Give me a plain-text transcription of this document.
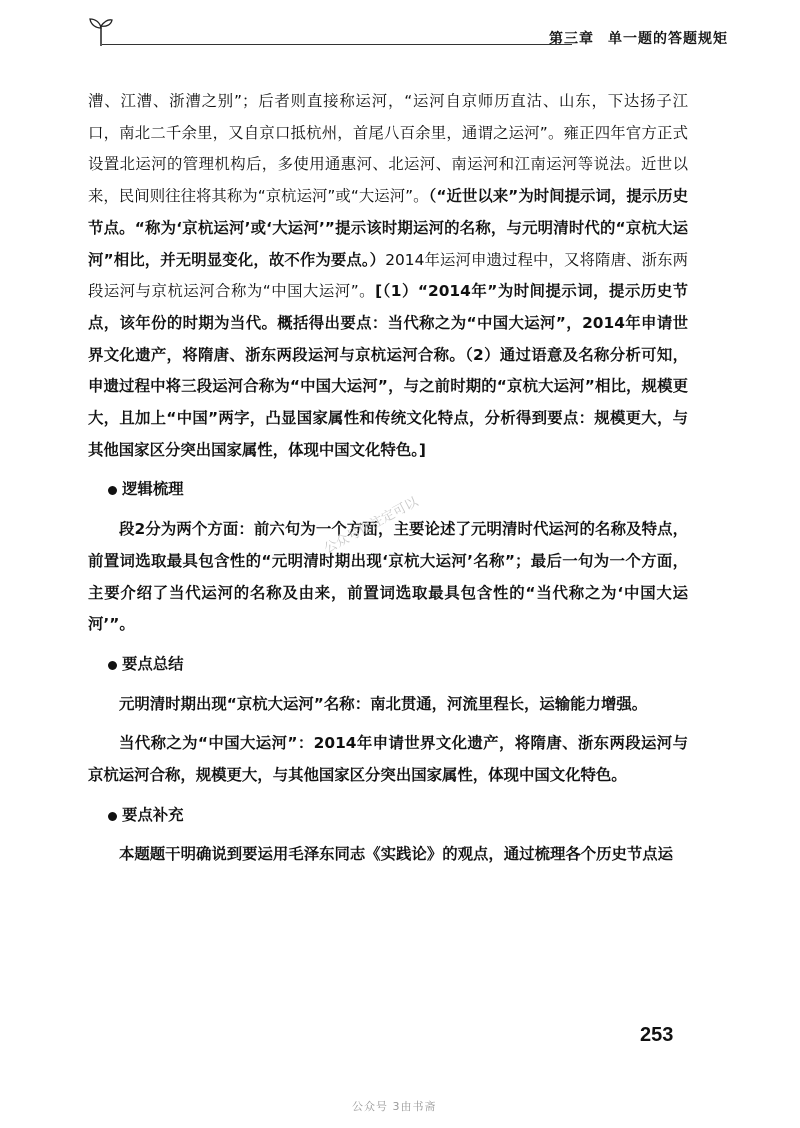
第三章 单一题的答题规矩

漕、江漕、浙漕之别”；后者则直接称运河，“运河自京师历直沽、山东，下达扬子江口，南北二千余里，又自京口抵杭州，首尾八百余里，通谓之运河”。雍正四年官方正式设置北运河的管理机构后，多使用通惠河、北运河、南运河和江南运河等说法。近世以来，民间则往往将其称为“京杭运河”或“大运河”。（“近世以来”为时间提示词，提示历史节点。“称为‘京杭运河’或‘大运河’”提示该时期运河的名称，与元明清时代的“京杭大运河”相比，并无明显变化，故不作为要点。）2014年运河申遗过程中，又将隋唐、浙东两段运河与京杭运河合称为“中国大运河”。[（1）“2014年”为时间提示词，提示历史节点，该年份的时期为当代。概括得出要点：当代称之为“中国大运河”，2014年申请世界文化遗产，将隋唐、浙东两段运河与京杭运河合称。（2）通过语意及名称分析可知，申遗过程中将三段运河合称为“中国大运河”，与之前时期的“京杭大运河”相比，规模更大，且加上“中国”两字，凸显国家属性和传统文化特点，分析得到要点：规模更大，与其他国家区分突出国家属性，体现中国文化特色。]

逻辑梳理

段2分为两个方面：前六句为一个方面，主要论述了元明清时代运河的名称及特点，前置词选取最具包含性的“元明清时期出现‘京杭大运河’名称”；最后一句为一个方面，主要介绍了当代运河的名称及由来，前置词选取最具包含性的“当代称之为‘中国大运河’”。

要点总结

元明清时期出现“京杭大运河”名称：南北贯通，河流里程长，运输能力增强。

当代称之为“中国大运河”：2014年申请世界文化遗产，将隋唐、浙东两段运河与京杭运河合称，规模更大，与其他国家区分突出国家属性，体现中国文化特色。

要点补充

本题题干明确说到要运用毛泽东同志《实践论》的观点，通过梳理各个历史节点运

公众号你注定可以
253
公众号 3由书斋
